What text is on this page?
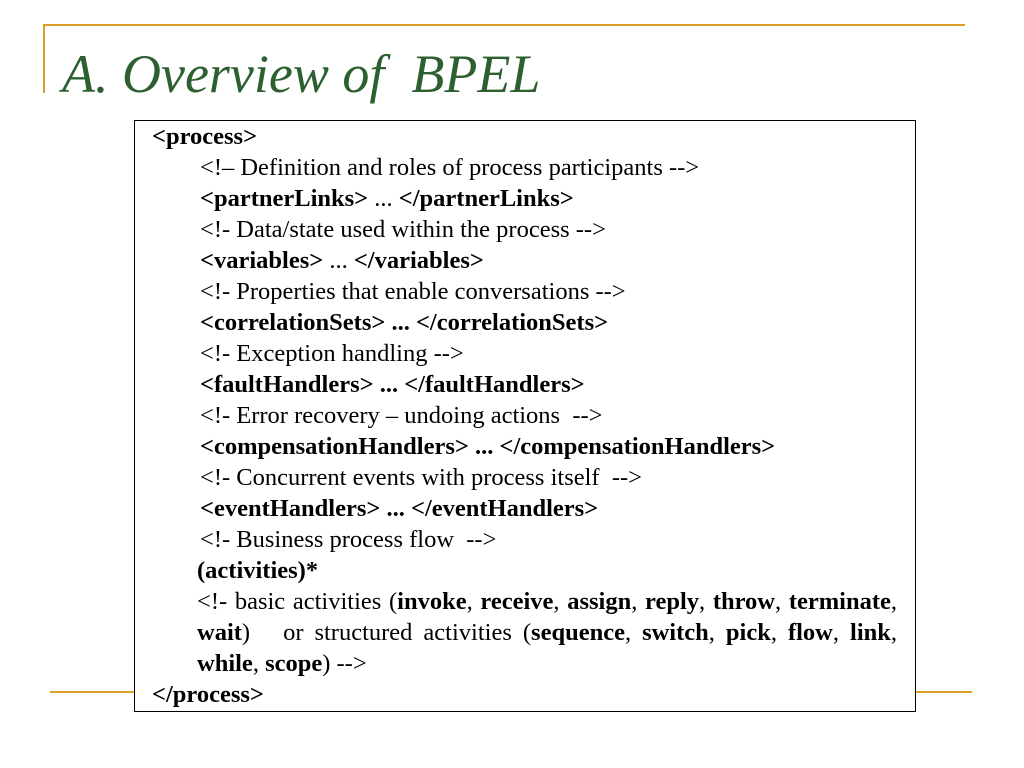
A. Overview of  BPEL
<process>
<!– Definition and roles of process participants -->
<partnerLinks> ... </partnerLinks>
<!- Data/state used within the process -->
<variables> ... </variables>
<!- Properties that enable conversations -->
<correlationSets> ... </correlationSets>
<!- Exception handling -->
<faultHandlers> ... </faultHandlers>
<!- Error recovery – undoing actions  -->
<compensationHandlers> ... </compensationHandlers>
<!- Concurrent events with process itself  -->
<eventHandlers> ... </eventHandlers>
<!- Business process flow  -->
(activities)*
<!- basic activities (invoke, receive, assign, reply, throw, terminate,
wait)   or structured activities (sequence, switch, pick, flow, link,
while, scope) -->
</process>
